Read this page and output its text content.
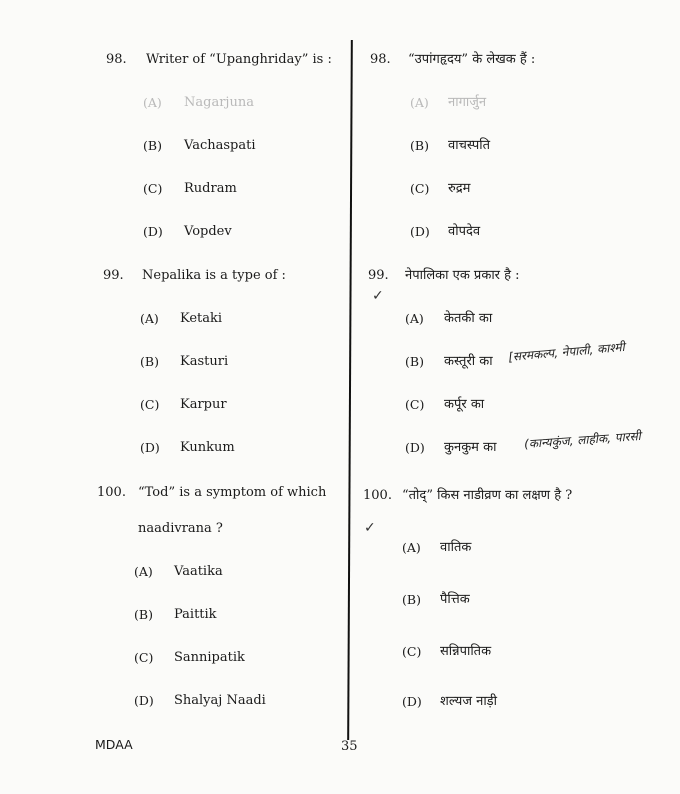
98. Writer of “Upanghriday” is :
(A) Nagarjuna
(B) Vachaspati
(C) Rudram
(D) Vopdev
99. Nepalika is a type of :
(A) Ketaki
(B) Kasturi
(C) Karpur
(D) Kunkum
100. “Tod” is a symptom of which
naadivrana ?
(A) Vaatika
(B) Paittik
(C) Sannipatik
(D) Shalyaj Naadi
98. “उपांगहृदय” के लेखक हैं :
(A) नागार्जुन
(B) वाचस्पति
(C) रुद्रम
(D) वोपदेव
99. नेपालिका एक प्रकार है :
✓
(A) केतकी का
(B) कस्तूरी का [सरमकल्प, नेपाली, काश्मी
(C) कर्पूर का
(D) कुनकुम का (कान्यकुंज, लाहीक, पारसी
100. “तोद्” किस नाडीव्रण का लक्षण है ?
✓
(A) वातिक
(B) पैत्तिक
(C) सन्निपातिक
(D) शल्यज नाड़ी
MDAA	35
